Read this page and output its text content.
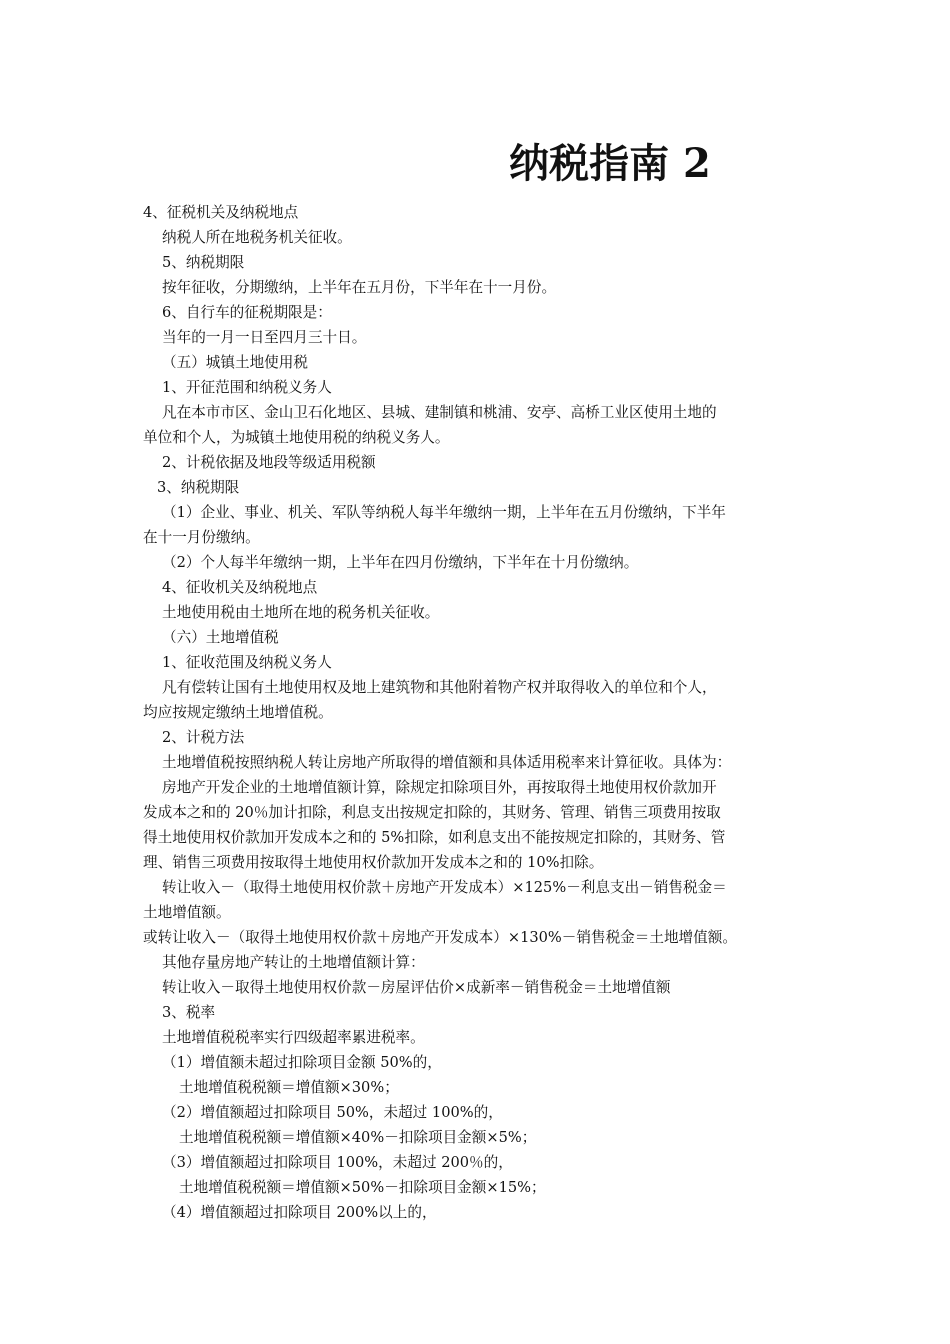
纳税指南 2

4、征税机关及纳税地点

纳税人所在地税务机关征收。

5、纳税期限

按年征收，分期缴纳，上半年在五月份，下半年在十一月份。

6、自行车的征税期限是：

当年的一月一日至四月三十日。

（五）城镇土地使用税

1、开征范围和纳税义务人

凡在本市市区、金山卫石化地区、县城、建制镇和桃浦、安亭、高桥工业区使用土地的

单位和个人，为城镇土地使用税的纳税义务人。

2、计税依据及地段等级适用税额

3、纳税期限

（1）企业、事业、机关、军队等纳税人每半年缴纳一期，上半年在五月份缴纳，下半年

在十一月份缴纳。

（2）个人每半年缴纳一期，上半年在四月份缴纳，下半年在十月份缴纳。

4、征收机关及纳税地点

土地使用税由土地所在地的税务机关征收。

（六）土地增值税

1、征收范围及纳税义务人

凡有偿转让国有土地使用权及地上建筑物和其他附着物产权并取得收入的单位和个人，

均应按规定缴纳土地增值税。

2、计税方法

土地增值税按照纳税人转让房地产所取得的增值额和具体适用税率来计算征收。具体为：

房地产开发企业的土地增值额计算，除规定扣除项目外，再按取得土地使用权价款加开

发成本之和的 20％加计扣除，利息支出按规定扣除的，其财务、管理、销售三项费用按取

得土地使用权价款加开发成本之和的 5%扣除，如利息支出不能按规定扣除的，其财务、管

理、销售三项费用按取得土地使用权价款加开发成本之和的 10%扣除。

转让收入－（取得土地使用权价款＋房地产开发成本）×125%－利息支出－销售税金＝

土地增值额。

或转让收入－（取得土地使用权价款＋房地产开发成本）×130%－销售税金＝土地增值额。

其他存量房地产转让的土地增值额计算：

转让收入－取得土地使用权价款－房屋评估价×成新率－销售税金＝土地增值额

3、税率

土地增值税税率实行四级超率累进税率。

（1）增值额未超过扣除项目金额 50%的，

土地增值税税额＝增值额×30%；

（2）增值额超过扣除项目 50%，未超过 100%的，

土地增值税税额＝增值额×40%－扣除项目金额×5%；

（3）增值额超过扣除项目 100%，未超过 200％的，

土地增值税税额＝增值额×50%－扣除项目金额×15%；

（4）增值额超过扣除项目 200%以上的，
